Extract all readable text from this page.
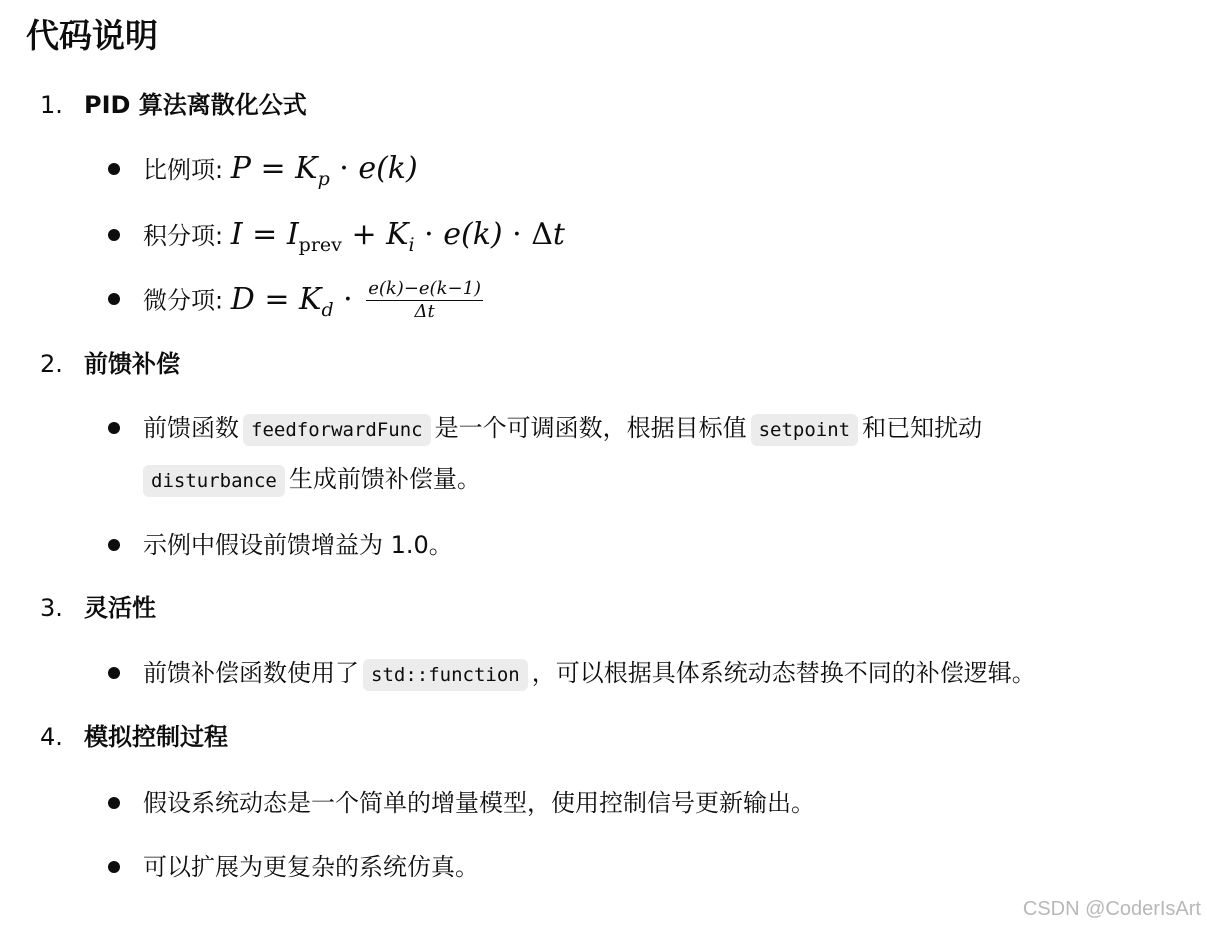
代码说明
1. PID 算法离散化公式
比例项: $P = K_p \cdot e(k)$
积分项: $I = I_{prev} + K_i \cdot e(k) \cdot \Delta t$
微分项: $D = K_d \cdot \frac{e(k)-e(k-1)}{\Delta t}$
2. 前馈补偿
前馈函数 feedforwardFunc 是一个可调函数，根据目标值 setpoint 和已知扰动
disturbance 生成前馈补偿量。
示例中假设前馈增益为 1.0。
3. 灵活性
前馈补偿函数使用了 std::function ，可以根据具体系统动态替换不同的补偿逻辑。
4. 模拟控制过程
假设系统动态是一个简单的增量模型，使用控制信号更新输出。
可以扩展为更复杂的系统仿真。
CSDN @CoderIsArt
